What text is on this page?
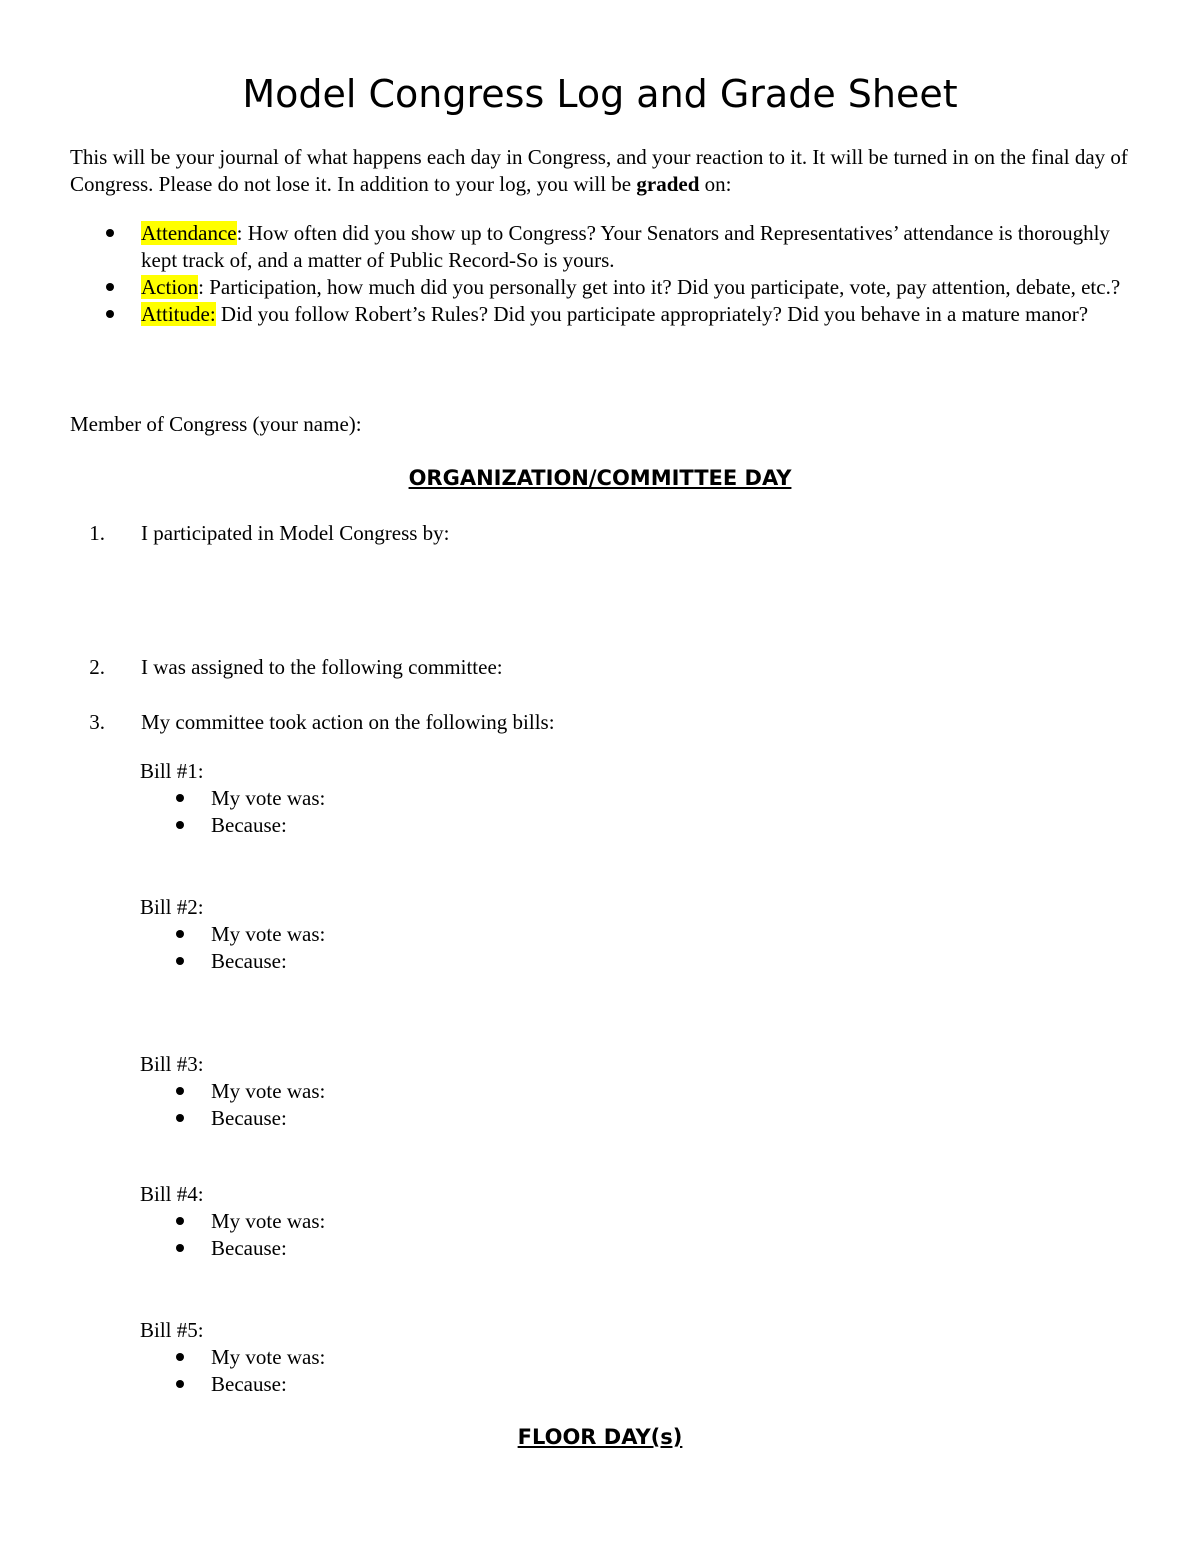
Model Congress Log and Grade Sheet

This will be your journal of what happens each day in Congress, and your reaction to it. It will be turned in on the final day of Congress. Please do not lose it. In addition to your log, you will be graded on:

Attendance: How often did you show up to Congress? Your Senators and Representatives’ attendance is thoroughly kept track of, and a matter of Public Record-So is yours.
Action: Participation, how much did you personally get into it? Did you participate, vote, pay attention, debate, etc.?
Attitude: Did you follow Robert’s Rules? Did you participate appropriately? Did you behave in a mature manor?

Member of Congress (your name):

ORGANIZATION/COMMITTEE DAY

1. I participated in Model Congress by:

2. I was assigned to the following committee:

3. My committee took action on the following bills:

Bill #1:
My vote was:
Because:
Bill #2:
My vote was:
Because:
Bill #3:
My vote was:
Because:
Bill #4:
My vote was:
Because:
Bill #5:
My vote was:
Because:
FLOOR DAY(s)
